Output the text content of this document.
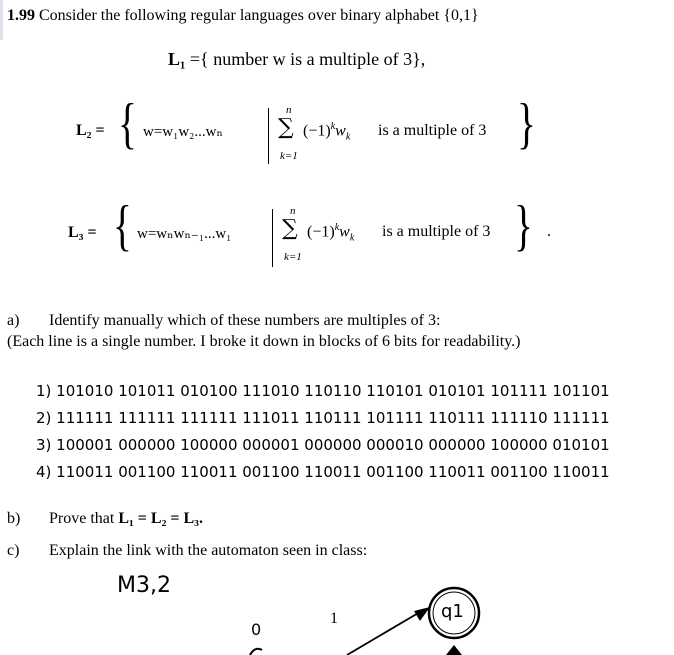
1.99 Consider the following regular languages over binary alphabet {0,1}
L₁ ={ number w is a multiple of 3},
L₂ = { w=w₁w₂...wₙ
n
∑
k=1
$(-1)^kw_k$ is a multiple of 3 }
L₃ = { w=wₙwₙ₋₁...w₁
n
∑
k=1
$(-1)^kw_k$ is a multiple of 3 } .
a) Identify manually which of these numbers are multiples of 3:
(Each line is a single number. I broke it down in blocks of 6 bits for readability.)
1) 101010 101011 010100 111010 110110 110101 010101 101111 101101
2) 111111 111111 111111 111011 110111 101111 110111 111110 111111
3) 100001 000000 100000 000001 000000 000010 000000 100000 010101
4) 110011 001100 110011 001100 110011 001100 110011 001100 110011
b) Prove that L₁ = L₂ = L₃.
c) Explain the link with the automaton seen in class:
M3,2
0
1	q1
